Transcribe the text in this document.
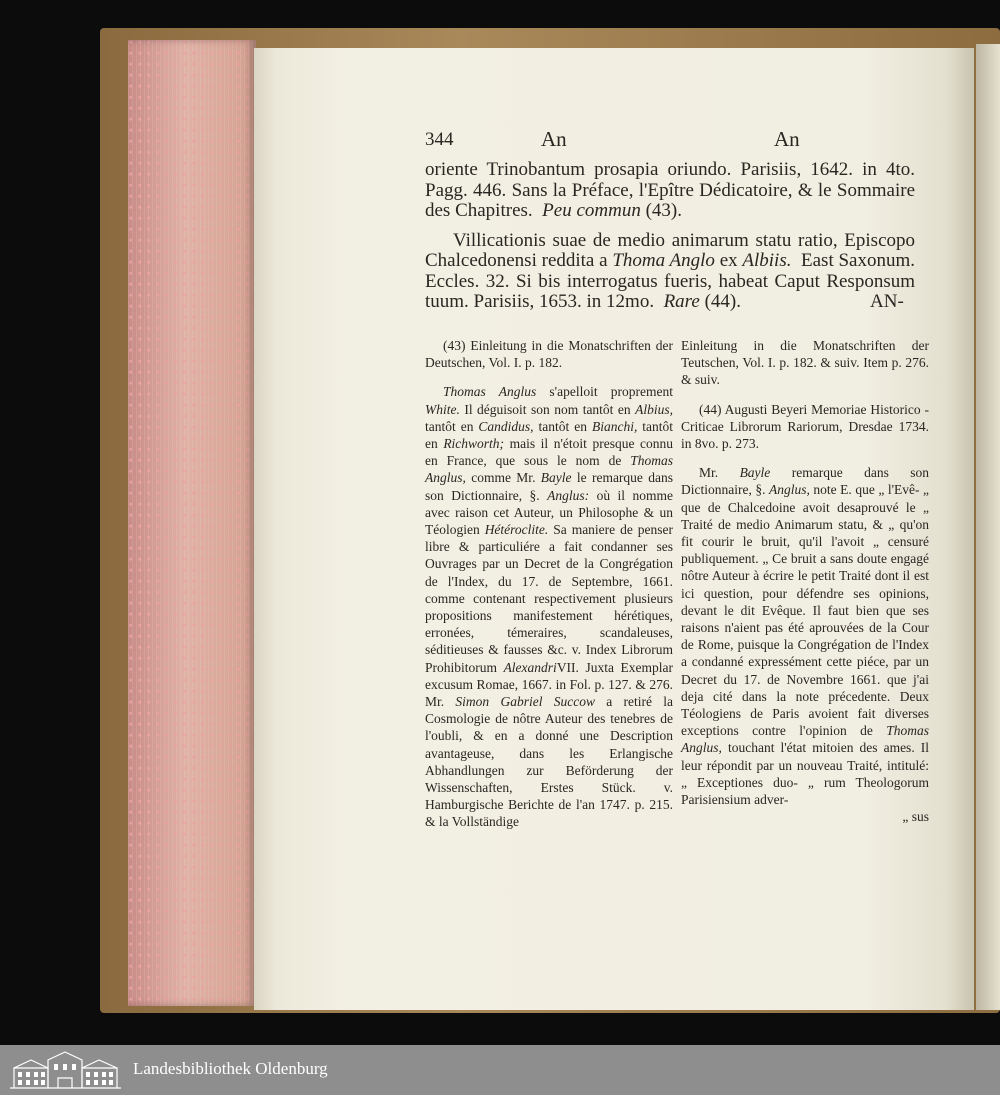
344	An	An

oriente Trinobantum prosapia oriundo. Parisiis, 1642. in 4to. Pagg. 446. Sans la Préface, l'Epître Dédicatoire, & le Sommaire des Chapitres. Peu commun (43).

Villicationis suae de medio animarum statu ratio, Episcopo Chalcedonensi reddita a Thoma Anglo ex Albiis. East Saxonum. Eccles. 32. Si bis interrogatus fueris, habeat Caput Responsum tuum. Parisiis, 1653. in 12mo. Rare (44).	AN-

(43) Einleitung in die Monatschriften der Deutschen, Vol. I. p. 182.

Thomas Anglus s'apelloit proprement White. Il déguisoit son nom tantôt en Albius, tantôt en Candidus, tantôt en Bianchi, tantôt en Richworth; mais il n'étoit presque connu en France, que sous le nom de Thomas Anglus, comme Mr. Bayle le remarque dans son Dictionnaire, §. Anglus: où il nomme avec raison cet Auteur, un Philosophe & un Téologien Hétéroclite. Sa maniere de penser libre & particuliére a fait condanner ses Ouvrages par un Decret de la Congrégation de l'Index, du 17. de Septembre, 1661. comme contenant respectivement plusieurs propositions manifestement hérétiques, erronées, témeraires, scandaleuses, séditieuses & fausses &c. v. Index Librorum Prohibitorum AlexandriVII. Juxta Exemplar excusum Romae, 1667. in Fol. p. 127. & 276. Mr. Simon Gabriel Succow a retiré la Cosmologie de nôtre Auteur des tenebres de l'oubli, & en a donné une Description avantageuse, dans les Erlangische Abhandlungen zur Beförderung der Wissenschaften, Erstes Stück. v. Hamburgische Berichte de l'an 1747. p. 215. & la Vollständige

Einleitung in die Monatschriften der Teutschen, Vol. I. p. 182. & suiv. Item p. 276. & suiv.

(44) Augusti Beyeri Memoriae Historico - Criticae Librorum Rariorum, Dresdae 1734. in 8vo. p. 273.

Mr. Bayle remarque dans son Dictionnaire, §. Anglus, note E. que „ l'Evê- „ que de Chalcedoine avoit desaprouvé le „ Traité de medio Animarum statu, & „ qu'on fit courir le bruit, qu'il l'avoit „ censuré publiquement. „ Ce bruit a sans doute engagé nôtre Auteur à écrire le petit Traité dont il est ici question, pour défendre ses opinions, devant le dit Evêque. Il faut bien que ses raisons n'aient pas été aprouvées de la Cour de Rome, puisque la Congrégation de l'Index a condanné expressément cette piéce, par un Decret du 17. de Novembre 1661. que j'ai deja cité dans la note précedente. Deux Téologiens de Paris avoient fait diverses exceptions contre l'opinion de Thomas Anglus, touchant l'état mitoien des ames. Il leur répondit par un nouveau Traité, intitulé: „ Exceptiones duo- „ rum Theologorum Parisiensium adver-

„ sus

Landesbibliothek Oldenburg
